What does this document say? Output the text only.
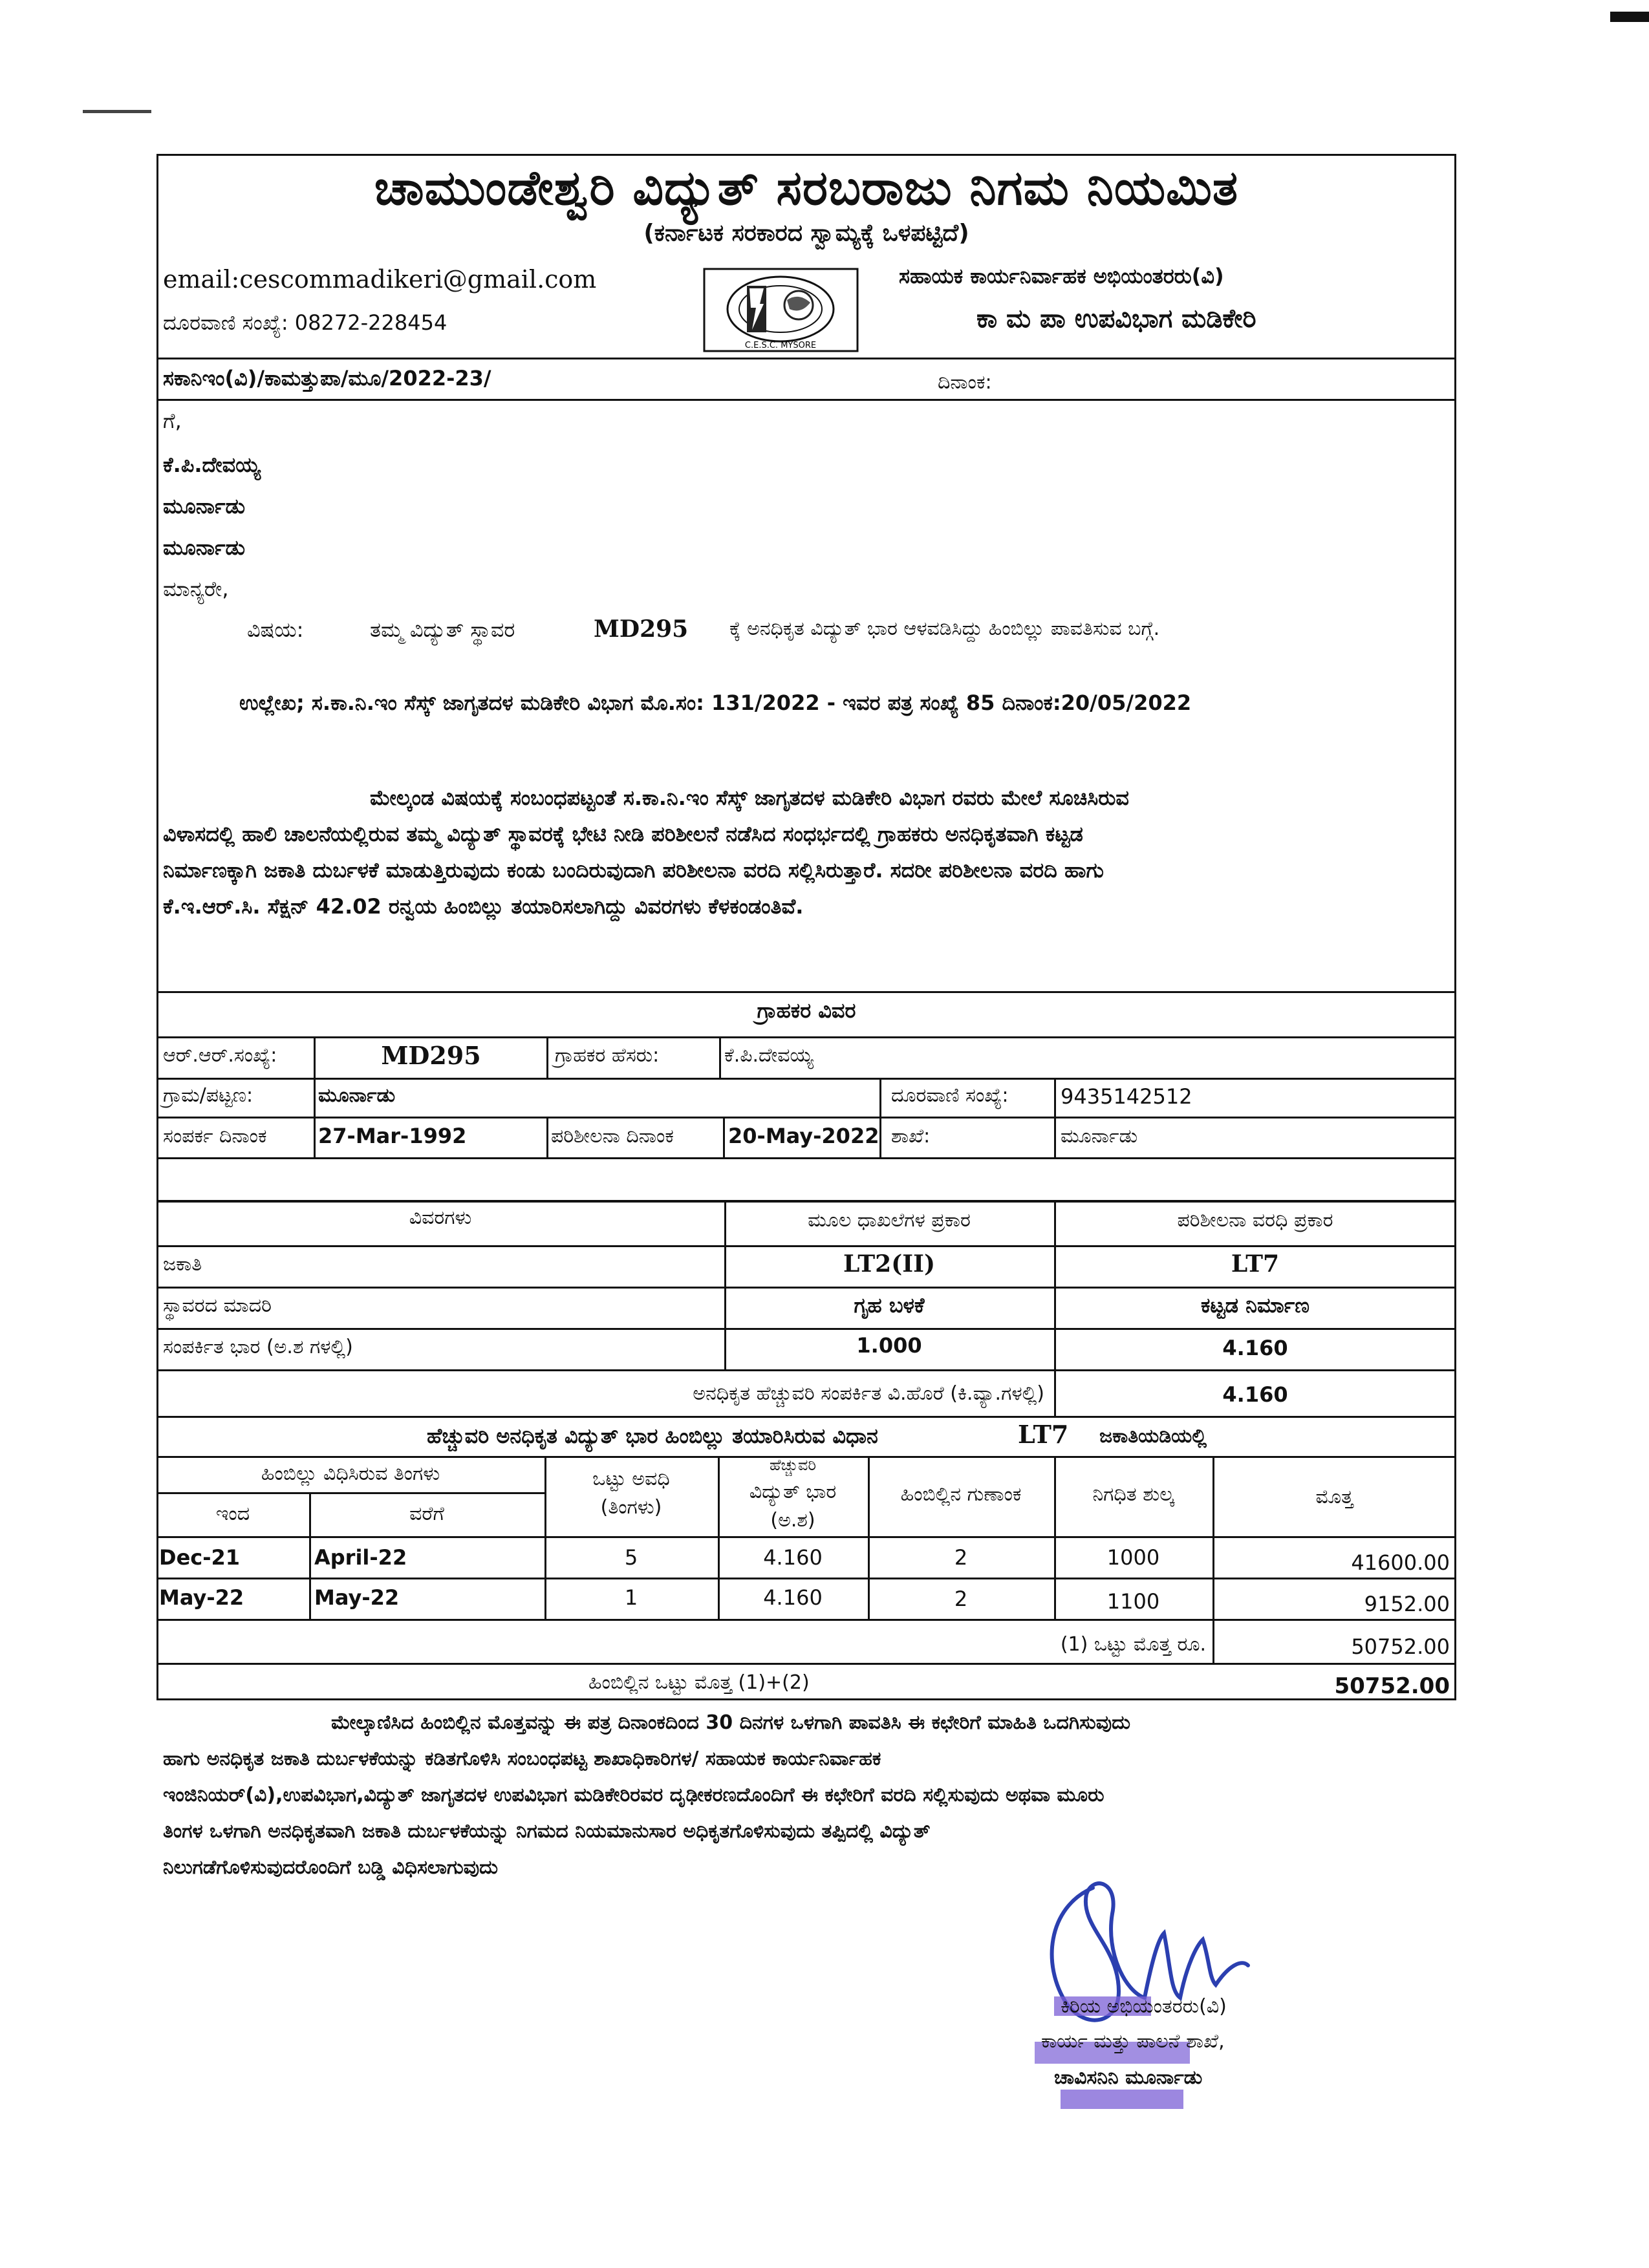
ಚಾಮುಂಡೇಶ್ವರಿ ವಿದ್ಯುತ್ ಸರಬರಾಜು ನಿಗಮ ನಿಯಮಿತ
(ಕರ್ನಾಟಕ ಸರಕಾರದ ಸ್ವಾಮ್ಯಕ್ಕೆ ಒಳಪಟ್ಟಿದೆ)
email:cescommadikeri@gmail.com
ದೂರವಾಣಿ ಸಂಖ್ಯೆ: 08272-228454
C.E.S.C. MYSORE
ಸಹಾಯಕ ಕಾರ್ಯನಿರ್ವಾಹಕ ಅಭಿಯಂತರರು(ವಿ)
ಕಾ ಮ ಪಾ ಉಪವಿಭಾಗ ಮಡಿಕೇರಿ
ಸಕಾನಿಇಂ(ವಿ)/ಕಾಮತ್ತುಪಾ/ಮೂ/2022-23/	ದಿನಾಂಕ:
ಗೆ,
ಕೆ.ಪಿ.ದೇವಯ್ಯ
ಮೂರ್ನಾಡು
ಮೂರ್ನಾಡು
ಮಾನ್ಯರೇ,
ವಿಷಯ:	ತಮ್ಮ ವಿದ್ಯುತ್ ಸ್ಥಾವರ	MD295 ಕ್ಕೆ ಅನಧಿಕೃತ ವಿದ್ಯುತ್ ಭಾರ ಆಳವಡಿಸಿದ್ದು ಹಿಂಬಿಲ್ಲು ಪಾವತಿಸುವ ಬಗ್ಗೆ.
ಉಲ್ಲೇಖ; ಸ.ಕಾ.ನಿ.ಇಂ ಸೆಸ್ಕ್ ಜಾಗೃತದಳ ಮಡಿಕೇರಿ ವಿಭಾಗ ಮೊ.ಸಂ: 131/2022 - ಇವರ ಪತ್ರ ಸಂಖ್ಯೆ 85 ದಿನಾಂಕ:20/05/2022
ಮೇಲ್ಕಂಡ ವಿಷಯಕ್ಕೆ ಸಂಬಂಧಪಟ್ಟಂತೆ ಸ.ಕಾ.ನಿ.ಇಂ ಸೆಸ್ಕ್ ಜಾಗೃತದಳ ಮಡಿಕೇರಿ ವಿಭಾಗ ರವರು ಮೇಲೆ ಸೂಚಿಸಿರುವ
ವಿಳಾಸದಲ್ಲಿ ಹಾಲಿ ಚಾಲನೆಯಲ್ಲಿರುವ ತಮ್ಮ ವಿದ್ಯುತ್ ಸ್ಥಾವರಕ್ಕೆ ಭೇಟಿ ನೀಡಿ ಪರಿಶೀಲನೆ ನಡೆಸಿದ ಸಂಧರ್ಭದಲ್ಲಿ ಗ್ರಾಹಕರು ಅನಧಿಕೃತವಾಗಿ ಕಟ್ಟಡ
ನಿರ್ಮಾಣಕ್ಕಾಗಿ ಜಕಾತಿ ದುರ್ಬಳಕೆ ಮಾಡುತ್ತಿರುವುದು ಕಂಡು ಬಂದಿರುವುದಾಗಿ ಪರಿಶೀಲನಾ ವರದಿ ಸಲ್ಲಿಸಿರುತ್ತಾರೆ. ಸದರೀ ಪರಿಶೀಲನಾ ವರದಿ ಹಾಗು
ಕೆ.ಇ.ಆರ್.ಸಿ. ಸೆಕ್ಷನ್ 42.02 ರನ್ವಯ ಹಿಂಬಿಲ್ಲು ತಯಾರಿಸಲಾಗಿದ್ದು ವಿವರಗಳು ಕೆಳಕಂಡಂತಿವೆ.
ಗ್ರಾಹಕರ ವಿವರ
ಆರ್.ಆರ್.ಸಂಖ್ಯೆ:	MD295	ಗ್ರಾಹಕರ ಹೆಸರು:	ಕೆ.ಪಿ.ದೇವಯ್ಯ
ಗ್ರಾಮ/ಪಟ್ಟಣ:	ಮೂರ್ನಾಡು	ದೂರವಾಣಿ ಸಂಖ್ಯೆ:	9435142512
ಸಂಪರ್ಕ ದಿನಾಂಕ 27-Mar-1992	ಪರಿಶೀಲನಾ ದಿನಾಂಕ	20-May-2022 ಶಾಖೆ:	ಮೂರ್ನಾಡು
ವಿವರಗಳು	ಮೂಲ ಧಾಖಲೆಗಳ ಪ್ರಕಾರ	ಪರಿಶೀಲನಾ ವರಧಿ ಪ್ರಕಾರ
ಜಕಾತಿ	LT2(II)	LT7
ಸ್ಥಾವರದ ಮಾದರಿ	ಗೃಹ ಬಳಕೆ	ಕಟ್ಟಡ ನಿರ್ಮಾಣ
ಸಂಪರ್ಕಿತ ಭಾರ (ಅ.ಶ ಗಳಲ್ಲಿ)	1.000	4.160
ಅನಧಿಕೃತ ಹೆಚ್ಚುವರಿ ಸಂಪರ್ಕಿತ ವಿ.ಹೊರೆ (ಕಿ.ವ್ಯಾ.ಗಳಲ್ಲಿ)	4.160
ಹೆಚ್ಚುವರಿ ಅನಧಿಕೃತ ವಿದ್ಯುತ್ ಭಾರ ಹಿಂಬಿಲ್ಲು ತಯಾರಿಸಿರುವ ವಿಧಾನ	LT7 ಜಕಾತಿಯಡಿಯಲ್ಲಿ
ಹಿಂಬಿಲ್ಲು ವಿಧಿಸಿರುವ ತಿಂಗಳು
ಇಂದ	ವರೆಗೆ
ಒಟ್ಟು ಅವಧಿ
(ತಿಂಗಳು)
ಹೆಚ್ಚುವರಿ
ವಿದ್ಯುತ್ ಭಾರ
(ಅ.ಶ)
ಹಿಂಬಿಲ್ಲಿನ ಗುಣಾಂಕ	ನಿಗಧಿತ ಶುಲ್ಕ	ಮೊತ್ತ
Dec-21	April-22	5	4.160	2	1000	41600.00
May-22	May-22	1	4.160	2	1100	9152.00
(1) ಒಟ್ಟು ಮೊತ್ತ ರೂ.	50752.00
ಹಿಂಬಿಲ್ಲಿನ ಒಟ್ಟು ಮೊತ್ತ (1)+(2)	50752.00
ಮೇಲ್ಕಾಣಿಸಿದ ಹಿಂಬಿಲ್ಲಿನ ಮೊತ್ತವನ್ನು ಈ ಪತ್ರ ದಿನಾಂಕದಿಂದ 30 ದಿನಗಳ ಒಳಗಾಗಿ ಪಾವತಿಸಿ ಈ ಕಛೇರಿಗೆ ಮಾಹಿತಿ ಒದಗಿಸುವುದು
ಹಾಗು ಅನಧಿಕೃತ ಜಕಾತಿ ದುರ್ಬಳಕೆಯನ್ನು ಕಡಿತಗೊಳಿಸಿ ಸಂಬಂಧಪಟ್ಟ ಶಾಖಾಧಿಕಾರಿಗಳ/ ಸಹಾಯಕ ಕಾರ್ಯನಿರ್ವಾಹಕ
ಇಂಜಿನಿಯರ್(ವಿ),ಉಪವಿಭಾಗ,ವಿದ್ಯುತ್ ಜಾಗೃತದಳ ಉಪವಿಭಾಗ ಮಡಿಕೇರಿರವರ ದೃಢೀಕರಣದೊಂದಿಗೆ ಈ ಕಛೇರಿಗೆ ವರದಿ ಸಲ್ಲಿಸುವುದು ಅಥವಾ ಮೂರು
ತಿಂಗಳ ಒಳಗಾಗಿ ಅನಧಿಕೃತವಾಗಿ ಜಕಾತಿ ದುರ್ಬಳಕೆಯನ್ನು ನಿಗಮದ ನಿಯಮಾನುಸಾರ ಅಧಿಕೃತಗೊಳಿಸುವುದು ತಪ್ಪಿದಲ್ಲಿ ವಿದ್ಯುತ್
ನಿಲುಗಡೆಗೊಳಿಸುವುದರೊಂದಿಗೆ ಬಡ್ಡಿ ವಿಧಿಸಲಾಗುವುದು
ಕಿರಿಯ ಅಭಿಯಂತರರು(ವಿ)
ಕಾರ್ಯ ಮತ್ತು ಪಾಲನೆ ಶಾಖೆ,
ಚಾವಿಸನಿನಿ ಮೂರ್ನಾಡು
